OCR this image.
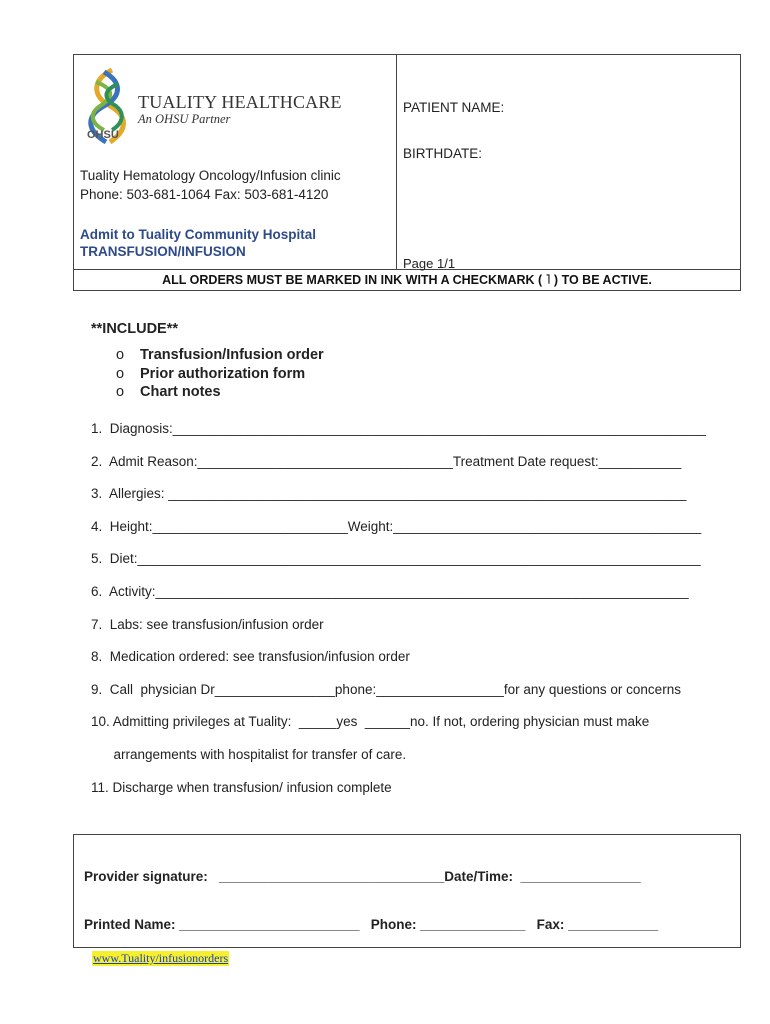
TUALITY HEALTHCARE
An OHSU Partner
OHSU
Tuality Hematology Oncology/Infusion clinic
Phone: 503-681-1064 Fax: 503-681-4120
Admit to Tuality Community Hospital
TRANSFUSION/INFUSION
PATIENT NAME:
BIRTHDATE:
Page 1/1
ALL ORDERS MUST BE MARKED IN INK WITH A CHECKMARK ( ˥ ) TO BE ACTIVE.
**INCLUDE**
o Transfusion/Infusion order
o Prior authorization form
o Chart notes
1.  Diagnosis:_______________________________________________________________________
2.  Admit Reason:__________________________________Treatment Date request:___________
3.  Allergies: _____________________________________________________________________
4.  Height:__________________________Weight:_________________________________________
5.  Diet:___________________________________________________________________________
6.  Activity:_______________________________________________________________________
7.  Labs: see transfusion/infusion order
8.  Medication ordered: see transfusion/infusion order
9.  Call  physician Dr________________phone:_________________for any questions or concerns
10. Admitting privileges at Tuality:  _____yes  ______no. If not, ordering physician must make
arrangements with hospitalist for transfer of care.
11. Discharge when transfusion/ infusion complete
Provider signature:   ______________________________Date/Time:  ________________
Printed Name: ________________________   Phone: ______________   Fax: ____________
www.Tuality/infusionorders
